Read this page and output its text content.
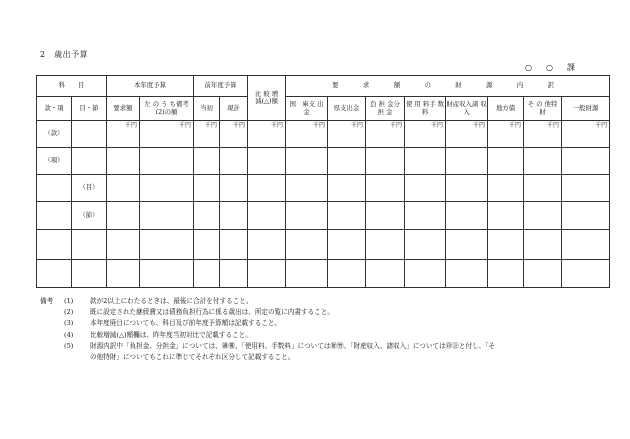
2　歳出予算
○　○　課
科　　目		本年度予算		前年度予算		比 較 増
減(△)額	要　求　額　の　財　源　内　訳							
款・項	目・節	要求額	左 の う ち備考(2)の額	当初	現計		国　庫支 出 金	県支出金	負 担 金分 担 金	使 用 料手 数 料	財産収入諸 収 入	地方債	そ の 他特　財	一般財源
（款）		千円	千円	千円	千円	千円	千円	千円	千円	千円	千円	千円	千円	千円
（項）														
	（目）													
	（節）													

備考	(1)	款が2以上にわたるときは、最後に合計を付すること。
(2)	既に設定された継続費又は債務負担行為に係る歳出は、所定の覧に内書すること。
(3)	本年度廃目についても、科目及び前年度予算額は記載すること。
(4)	比較増減(△)額欄は、昨年度当初対比で記載すること。
(5)	財源内訳中「負担金、分担金」については、㊜㊝、「使用料、手数料」については㊖㊕、「財産収入、諸収入」については㊞㊟と付し、「そ
の他特財」についてもこれに準じてそれぞれ区分して記載すること。
